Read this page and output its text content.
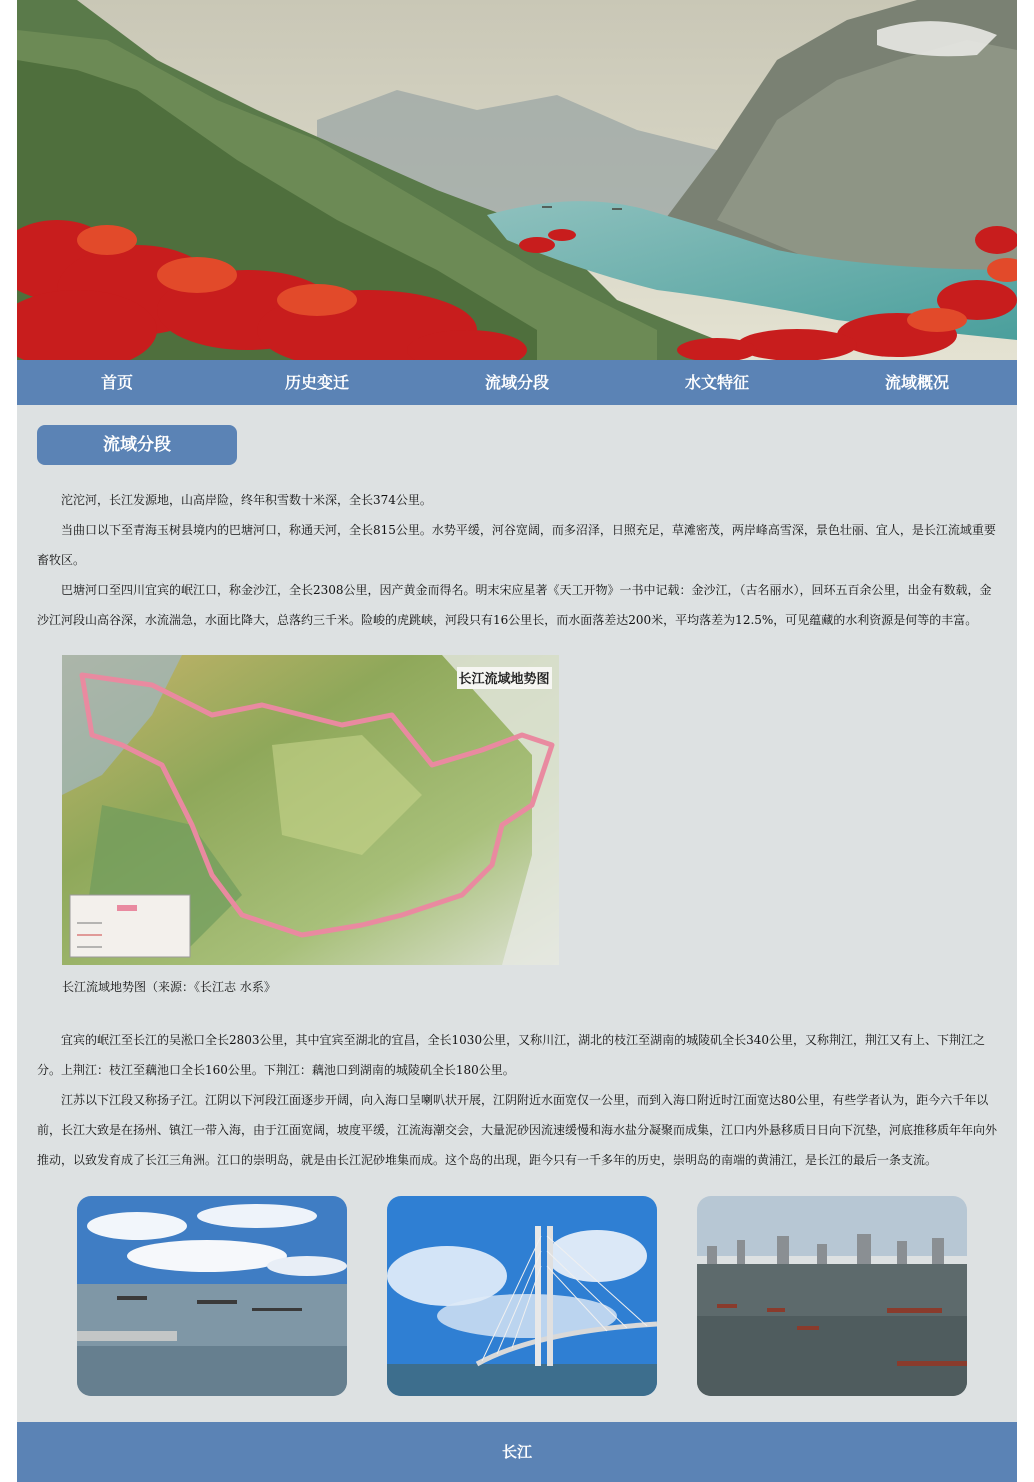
首页	历史变迁	流域分段	水文特征	流域概况
流域分段

沱沱河，长江发源地，山高岸险，终年积雪数十米深，全长374公里。

当曲口以下至青海玉树县境内的巴塘河口，称通天河，全长815公里。水势平缓，河谷宽阔，而多沼泽，日照充足，草滩密茂，两岸峰高雪深，景色壮丽、宜人，是长江流域重要畜牧区。

巴塘河口至四川宜宾的岷江口，称金沙江，全长2308公里，因产黄金而得名。明末宋应星著《天工开物》一书中记载：金沙江，（古名丽水），回环五百余公里，出金有数载，金沙江河段山高谷深，水流湍急，水面比降大，总落约三千米。险峻的虎跳峡，河段只有16公里长，而水面落差达200米，平均落差为12.5%，可见蕴藏的水利资源是何等的丰富。

长江流域地势图
长江流域地势图（来源：《长江志 水系》

宜宾的岷江至长江的吴淞口全长2803公里，其中宜宾至湖北的宜昌，全长1030公里，又称川江，湖北的枝江至湖南的城陵矶全长340公里，又称荆江，荆江又有上、下荆江之分。上荆江：枝江至藕池口全长160公里。下荆江：藕池口到湖南的城陵矶全长180公里。

江苏以下江段又称扬子江。江阴以下河段江面逐步开阔，向入海口呈喇叭状开展，江阴附近水面宽仅一公里，而到入海口附近时江面宽达80公里，有些学者认为，距今六千年以前，长江大致是在扬州、镇江一带入海，由于江面宽阔，坡度平缓，江流海潮交会，大量泥砂因流速缓慢和海水盐分凝聚而成集，江口内外悬移质日日向下沉垫，河底推移质年年向外推动，以致发育成了长江三角洲。江口的崇明岛，就是由长江泥砂堆集而成。这个岛的出现，距今只有一千多年的历史，崇明岛的南端的黄浦江，是长江的最后一条支流。

长江
